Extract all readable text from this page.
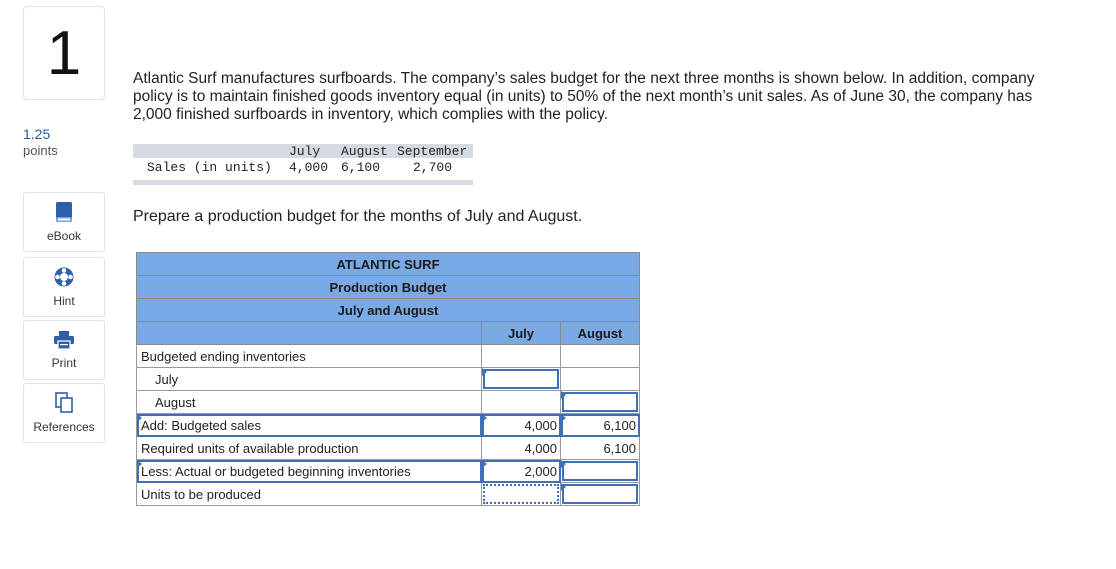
1
1.25
points
eBook
Hint
Print
References
Atlantic Surf manufactures surfboards. The company’s sales budget for the next three months is shown below. In addition, company policy is to maintain finished goods inventory equal (in units) to 50% of the next month’s unit sales. As of June 30, the company has 2,000 finished surfboards in inventory, which complies with the policy.
	July	August	September
Sales (in units)	4,000	6,100	2,700
Prepare a production budget for the months of July and August.
ATLANTIC SURF		
Production Budget		
July and August		
	July	August
Budgeted ending inventories		
July	

August		

Add: Budgeted sales	4,000	6,100
Required units of available production	4,000	6,100

Less: Actual or budgeted beginning inventories	2,000	

Units to be produced	
